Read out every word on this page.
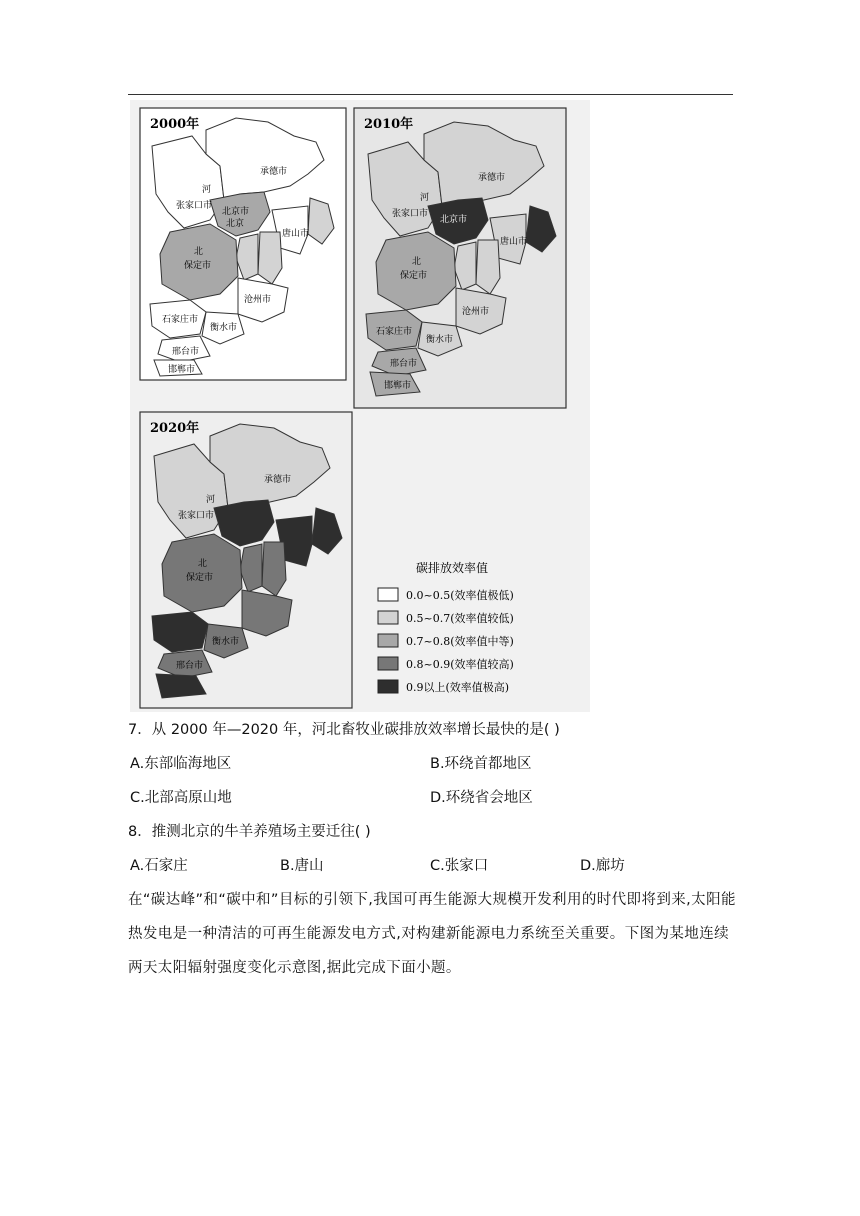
2000年
承德市
河
张家口市
北京市
北京
唐山市
北
保定市
沧州市
石家庄市
衡水市
邢台市
邯郸市
2010年
承德市
河
张家口市
北京市
唐山市
北
保定市
沧州市
石家庄市
衡水市
邢台市
邯郸市
2020年
承德市
河
张家口市
北
保定市
衡水市
邢台市
碳排放效率值
0.0~0.5(效率值极低)
0.5~0.7(效率值较低)
0.7~0.8(效率值中等)
0.8~0.9(效率值较高)
0.9以上(效率值极高)
7．从 2000 年—2020 年，河北畜牧业碳排放效率增长最快的是( )
A.东部临海地区	B.环绕首都地区
C.北部高原山地	D.环绕省会地区
8．推测北京的牛羊养殖场主要迁往( )
A.石家庄	B.唐山	C.张家口	D.廊坊
在“碳达峰”和“碳中和”目标的引领下,我国可再生能源大规模开发利用的时代即将到来,太阳能热发电是一种清洁的可再生能源发电方式,对构建新能源电力系统至关重要。下图为某地连续两天太阳辐射强度变化示意图,据此完成下面小题。
